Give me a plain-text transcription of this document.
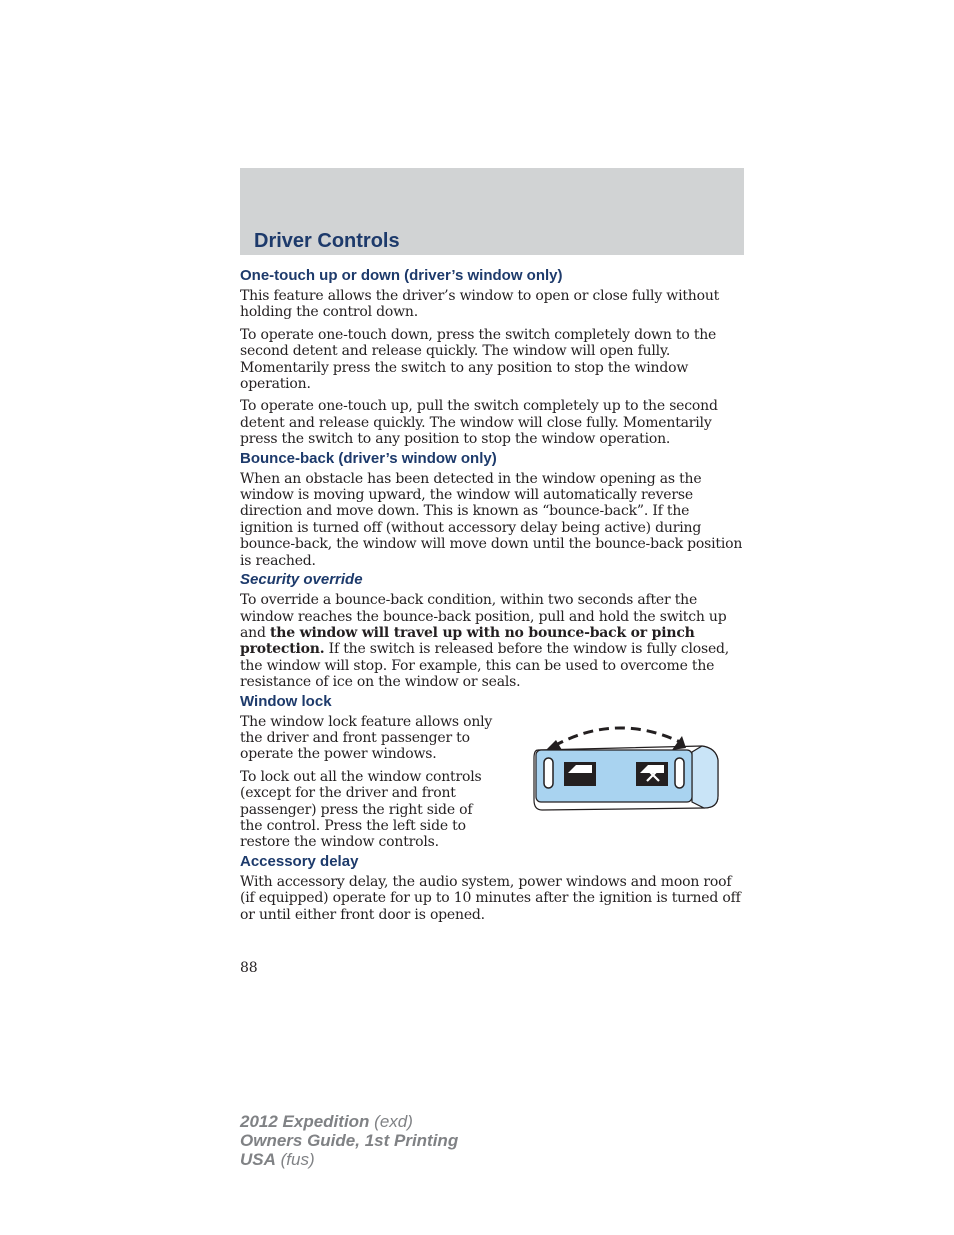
Driver Controls
One-touch up or down (driver’s window only)

This feature allows the driver’s window to open or close fully without holding the control down.

To operate one-touch down, press the switch completely down to the second detent and release quickly. The window will open fully. Momentarily press the switch to any position to stop the window operation.

To operate one-touch up, pull the switch completely up to the second detent and release quickly. The window will close fully. Momentarily press the switch to any position to stop the window operation.

Bounce-back (driver’s window only)

When an obstacle has been detected in the window opening as the window is moving upward, the window will automatically reverse direction and move down. This is known as “bounce-back”. If the ignition is turned off (without accessory delay being active) during bounce-back, the window will move down until the bounce-back position is reached.

Security override

To override a bounce-back condition, within two seconds after the window reaches the bounce-back position, pull and hold the switch up and the window will travel up with no bounce-back or pinch protection. If the switch is released before the window is fully closed, the window will stop. For example, this can be used to overcome the resistance of ice on the window or seals.

Window lock

The window lock feature allows only the driver and front passenger to operate the power windows.

To lock out all the window controls (except for the driver and front passenger) press the right side of the control. Press the left side to restore the window controls.

Accessory delay

With accessory delay, the audio system, power windows and moon roof (if equipped) operate for up to 10 minutes after the ignition is turned off or until either front door is opened.

88

2012 Expedition (exd)
Owners Guide, 1st Printing
USA (fus)
